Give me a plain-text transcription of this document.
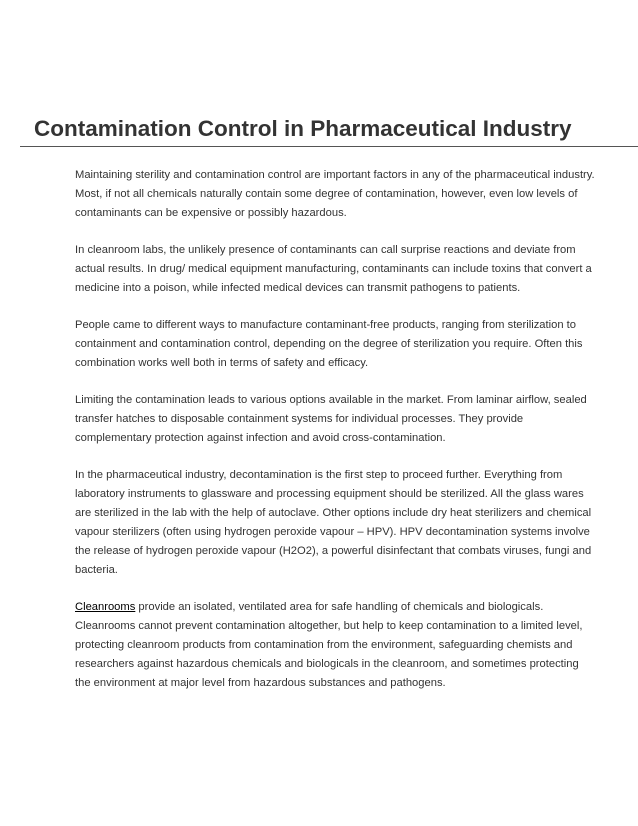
Contamination Control in Pharmaceutical Industry

Maintaining sterility and contamination control are important factors in any of the pharmaceutical industry. Most, if not all chemicals naturally contain some degree of contamination, however, even low levels of contaminants can be expensive or possibly hazardous.

In cleanroom labs, the unlikely presence of contaminants can call surprise reactions and deviate from actual results. In drug/ medical equipment manufacturing, contaminants can include toxins that convert a medicine into a poison, while infected medical devices can transmit pathogens to patients.

People came to different ways to manufacture contaminant-free products, ranging from sterilization to containment and contamination control, depending on the degree of sterilization you require. Often this combination works well both in terms of safety and efficacy.

Limiting the contamination leads to various options available in the market. From laminar airflow, sealed transfer hatches to disposable containment systems for individual processes. They provide complementary protection against infection and avoid cross-contamination.

In the pharmaceutical industry, decontamination is the first step to proceed further. Everything from laboratory instruments to glassware and processing equipment should be sterilized. All the glass wares are sterilized in the lab with the help of autoclave. Other options include dry heat sterilizers and chemical vapour sterilizers (often using hydrogen peroxide vapour – HPV). HPV decontamination systems involve the release of hydrogen peroxide vapour (H2O2), a powerful disinfectant that combats viruses, fungi and bacteria.

Cleanrooms provide an isolated, ventilated area for safe handling of chemicals and biologicals. Cleanrooms cannot prevent contamination altogether, but help to keep contamination to a limited level, protecting cleanroom products from contamination from the environment, safeguarding chemists and researchers against hazardous chemicals and biologicals in the cleanroom, and sometimes protecting the environment at major level from hazardous substances and pathogens.
